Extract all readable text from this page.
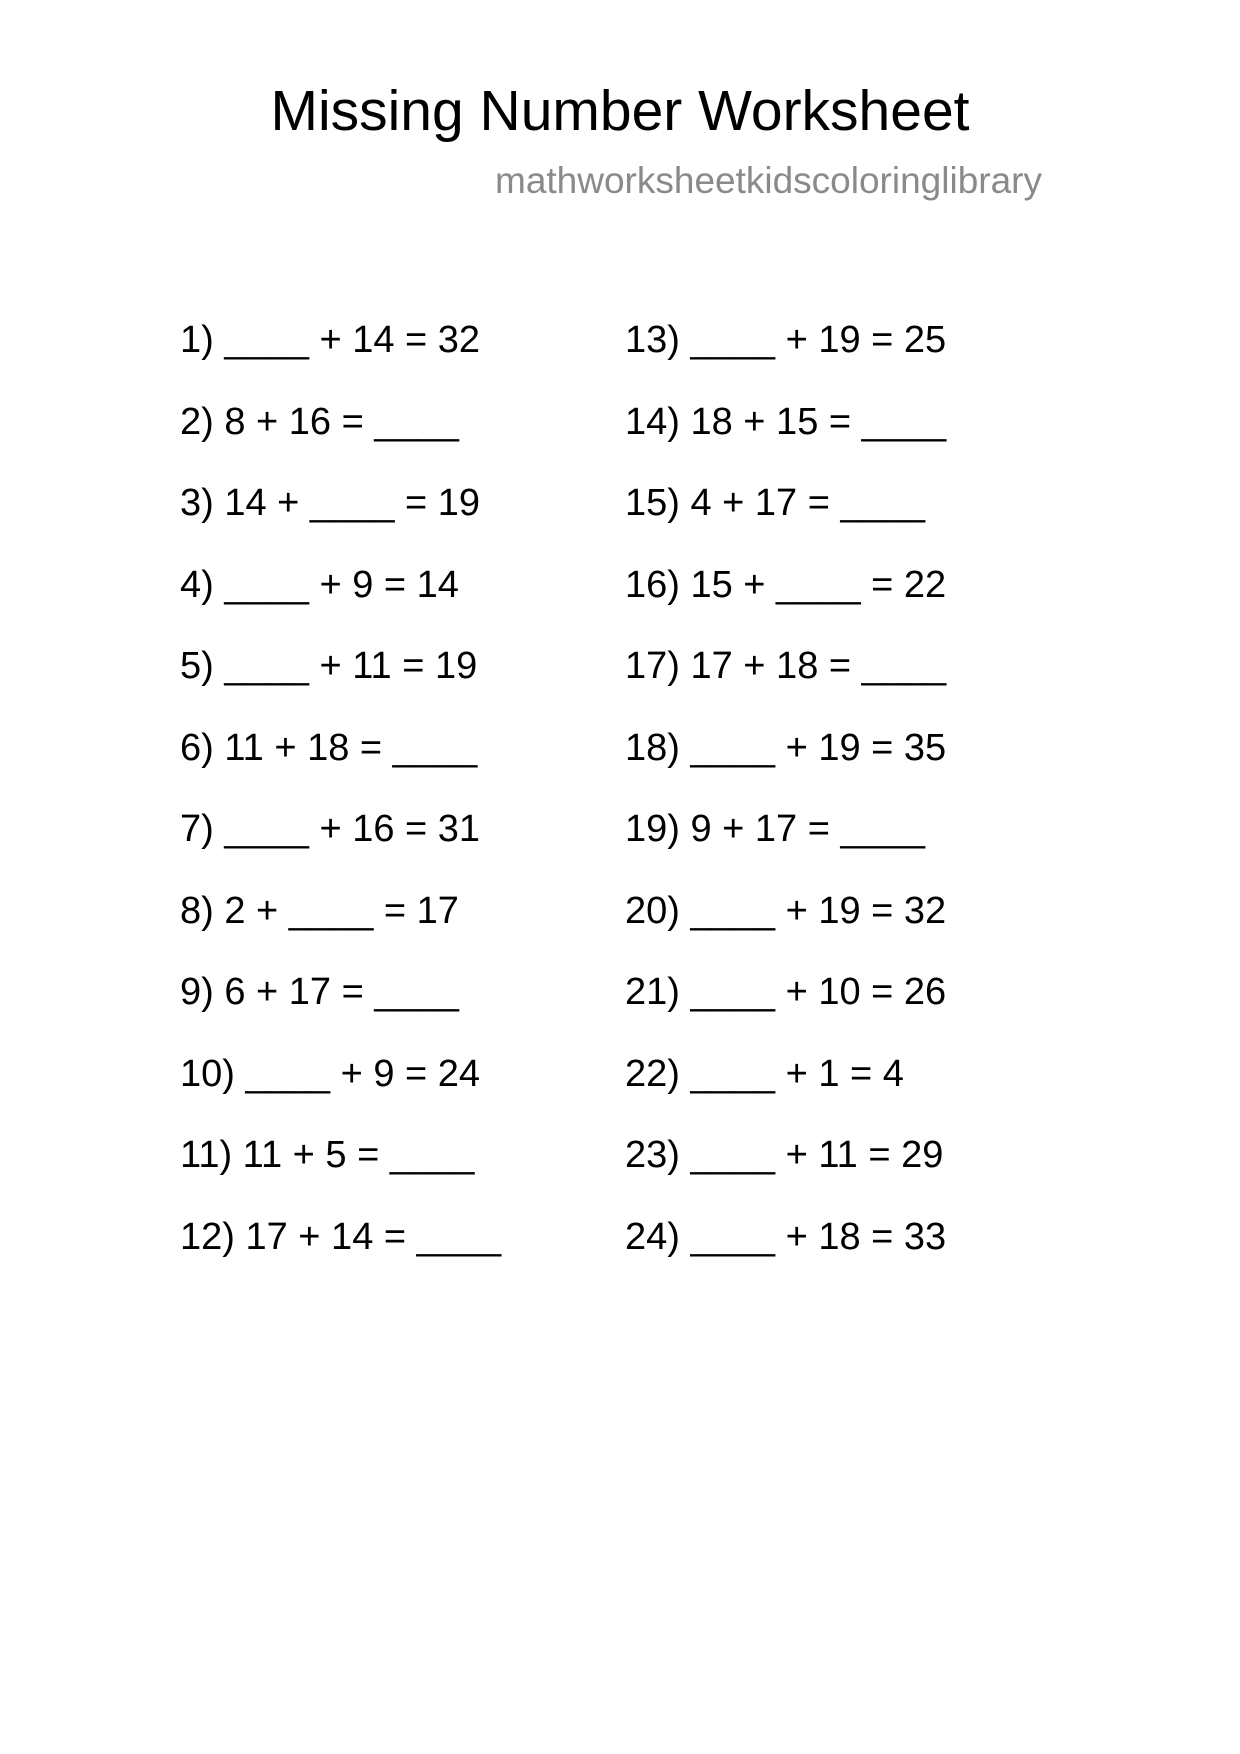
Missing Number Worksheet
mathworksheetkidscoloringlibrary
1) ____ + 14 = 32
2) 8 + 16 = ____
3) 14 + ____ = 19
4) ____ + 9 = 14
5) ____ + 11 = 19
6) 11 + 18 = ____
7) ____ + 16 = 31
8) 2 + ____ = 17
9) 6 + 17 = ____
10) ____ + 9 = 24
11) 11 + 5 = ____
12) 17 + 14 = ____
13) ____ + 19 = 25
14) 18 + 15 = ____
15) 4 + 17 = ____
16) 15 + ____ = 22
17) 17 + 18 = ____
18) ____ + 19 = 35
19) 9 + 17 = ____
20) ____ + 19 = 32
21) ____ + 10 = 26
22) ____ + 1 = 4
23) ____ + 11 = 29
24) ____ + 18 = 33
